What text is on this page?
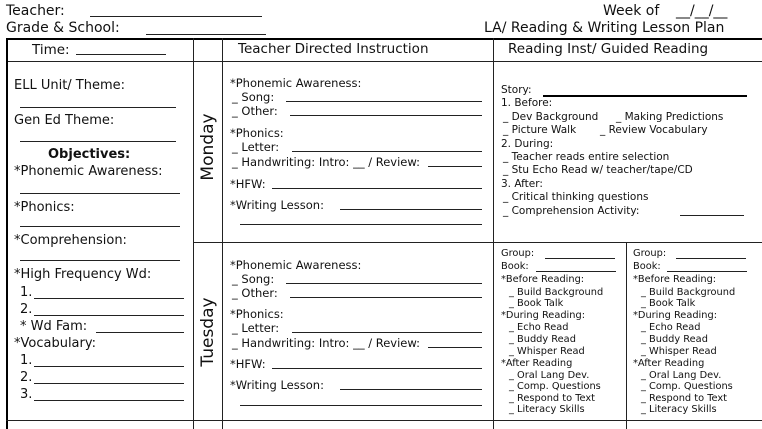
Teacher:
Grade & School:
Week of __/__/__
LA/ Reading & Writing Lesson Plan
Time:	Teacher Directed Instruction	Reading Inst/ Guided Reading
ELL Unit/ Theme:
Gen Ed Theme:
Objectives:
*Phonemic Awareness:
*Phonics:
*Comprehension:
*High Frequency Wd:
1.
2.
* Wd Fam:
*Vocabulary:
1.
2.
3.
Monday
Tuesday
*Phonemic Awareness:
_ Song:
_ Other:
*Phonics:
_ Letter:
_ Handwriting: Intro: __ / Review:
*HFW:
*Writing Lesson:
*Phonemic Awareness:
_ Song:
_ Other:
*Phonics:
_ Letter:
_ Handwriting: Intro: __ / Review:
*HFW:
*Writing Lesson:
Story:
1. Before:
_ Dev Background _ Making Predictions
_ Picture Walk _ Review Vocabulary
2. During:
_ Teacher reads entire selection
_ Stu Echo Read w/ teacher/tape/CD
3. After:
_ Critical thinking questions
_ Comprehension Activity:
Group:
Book:
*Before Reading:
_ Build Background
_ Book Talk
*During Reading:
_ Echo Read
_ Buddy Read
_ Whisper Read
*After Reading
_ Oral Lang Dev.
_ Comp. Questions
_ Respond to Text
_ Literacy Skills
Group:
Book:
*Before Reading:
_ Build Background
_ Book Talk
*During Reading:
_ Echo Read
_ Buddy Read
_ Whisper Read
*After Reading
_ Oral Lang Dev.
_ Comp. Questions
_ Respond to Text
_ Literacy Skills
